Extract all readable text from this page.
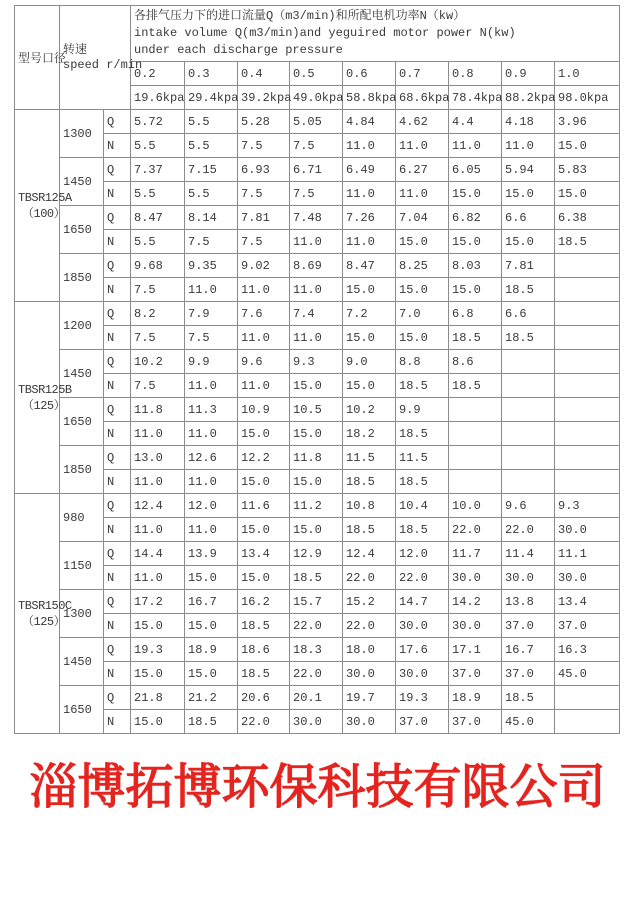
型号口径	
转速
speed r/min

各排气压力下的进口流量Q（m3/min)和所配电机功率N（kw）
intake volume Q(m3/min)and yeguired motor power N(kw)
under each discharge pressure

			0.2	0.3	0.4	0.5	0.6	0.7	0.8	0.9	1.0
			19.6kpa	29.4kpa	39.2kpa	49.0kpa	58.8kpa	68.6kpa	78.4kpa	88.2kpa	98.0kpa

TBSR125A
（100）	1300	Q	5.72	5.5	5.28	5.05	4.84	4.62	4.4	4.18	3.96
		N	5.5	5.5	7.5	7.5	11.0	11.0	11.0	11.0	15.0
	1450	Q	7.37	7.15	6.93	6.71	6.49	6.27	6.05	5.94	5.83
		N	5.5	5.5	7.5	7.5	11.0	11.0	15.0	15.0	15.0
	1650	Q	8.47	8.14	7.81	7.48	7.26	7.04	6.82	6.6	6.38
		N	5.5	7.5	7.5	11.0	11.0	15.0	15.0	15.0	18.5
	1850	Q	9.68	9.35	9.02	8.69	8.47	8.25	8.03	7.81	
		N	7.5	11.0	11.0	11.0	15.0	15.0	15.0	18.5	

TBSR125B
（125）	1200	Q	8.2	7.9	7.6	7.4	7.2	7.0	6.8	6.6	
		N	7.5	7.5	11.0	11.0	15.0	15.0	18.5	18.5	
	1450	Q	10.2	9.9	9.6	9.3	9.0	8.8	8.6		
		N	7.5	11.0	11.0	15.0	15.0	18.5	18.5		
	1650	Q	11.8	11.3	10.9	10.5	10.2	9.9			
		N	11.0	11.0	15.0	15.0	18.2	18.5			
	1850	Q	13.0	12.6	12.2	11.8	11.5	11.5			
		N	11.0	11.0	15.0	15.0	18.5	18.5			

TBSR150C
（125）	980	Q	12.4	12.0	11.6	11.2	10.8	10.4	10.0	9.6	9.3
		N	11.0	11.0	15.0	15.0	18.5	18.5	22.0	22.0	30.0
	1150	Q	14.4	13.9	13.4	12.9	12.4	12.0	11.7	11.4	11.1
		N	11.0	15.0	15.0	18.5	22.0	22.0	30.0	30.0	30.0
	1300	Q	17.2	16.7	16.2	15.7	15.2	14.7	14.2	13.8	13.4
		N	15.0	15.0	18.5	22.0	22.0	30.0	30.0	37.0	37.0
	1450	Q	19.3	18.9	18.6	18.3	18.0	17.6	17.1	16.7	16.3
		N	15.0	15.0	18.5	22.0	30.0	30.0	37.0	37.0	45.0
	1650	Q	21.8	21.2	20.6	20.1	19.7	19.3	18.9	18.5	
		N	15.0	18.5	22.0	30.0	30.0	37.0	37.0	45.0	
淄博拓博环保科技有限公司
